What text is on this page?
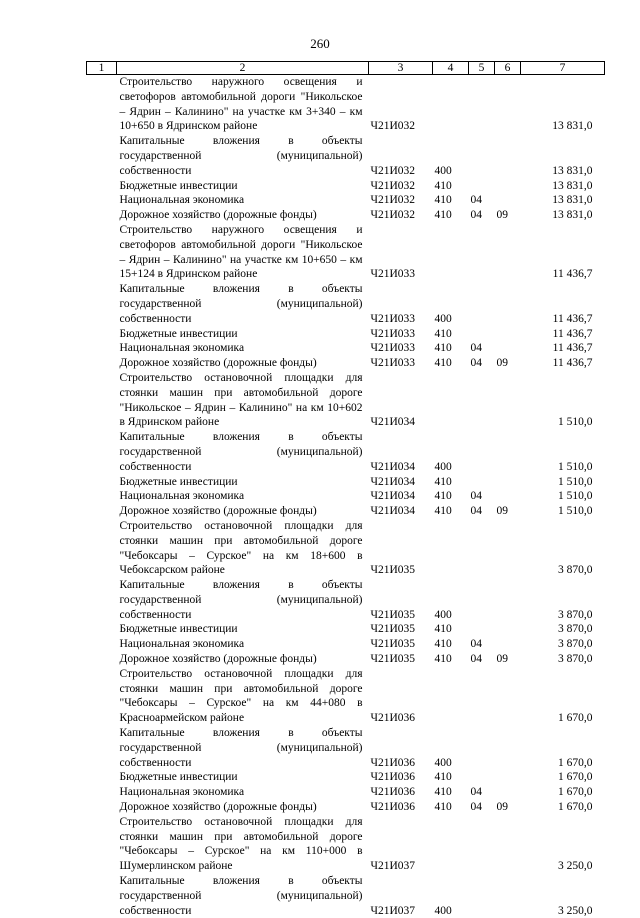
260
1	2	3	4	5	6	7
	Строительство наружного освещения и светофоров автомобильной дороги "Никольское – Ядрин – Калинино" на участке км 3+340 – км 10+650 в Ядринском районе	Ч21И032				13 831,0
	Капитальные вложения в объекты государственной (муниципальной) собственности	Ч21И032	400			13 831,0
	Бюджетные инвестиции	Ч21И032	410			13 831,0
	Национальная экономика	Ч21И032	410	04		13 831,0
	Дорожное хозяйство (дорожные фонды)	Ч21И032	410	04	09	13 831,0
	Строительство наружного освещения и светофоров автомобильной дороги "Никольское – Ядрин – Калинино" на участке км 10+650 – км 15+124 в Ядринском районе	Ч21И033				11 436,7
	Капитальные вложения в объекты государственной (муниципальной) собственности	Ч21И033	400			11 436,7
	Бюджетные инвестиции	Ч21И033	410			11 436,7
	Национальная экономика	Ч21И033	410	04		11 436,7
	Дорожное хозяйство (дорожные фонды)	Ч21И033	410	04	09	11 436,7
	Строительство остановочной площадки для стоянки машин при автомобильной дороге "Никольское – Ядрин – Калинино" на км 10+602 в Ядринском районе	Ч21И034				1 510,0
	Капитальные вложения в объекты государственной (муниципальной) собственности	Ч21И034	400			1 510,0
	Бюджетные инвестиции	Ч21И034	410			1 510,0
	Национальная экономика	Ч21И034	410	04		1 510,0
	Дорожное хозяйство (дорожные фонды)	Ч21И034	410	04	09	1 510,0
	Строительство остановочной площадки для стоянки машин при автомобильной дороге "Чебоксары – Сурское" на км 18+600 в Чебоксарском районе	Ч21И035				3 870,0
	Капитальные вложения в объекты государственной (муниципальной) собственности	Ч21И035	400			3 870,0
	Бюджетные инвестиции	Ч21И035	410			3 870,0
	Национальная экономика	Ч21И035	410	04		3 870,0
	Дорожное хозяйство (дорожные фонды)	Ч21И035	410	04	09	3 870,0
	Строительство остановочной площадки для стоянки машин при автомобильной дороге "Чебоксары – Сурское" на км 44+080 в Красноармейском районе	Ч21И036				1 670,0
	Капитальные вложения в объекты государственной (муниципальной) собственности	Ч21И036	400			1 670,0
	Бюджетные инвестиции	Ч21И036	410			1 670,0
	Национальная экономика	Ч21И036	410	04		1 670,0
	Дорожное хозяйство (дорожные фонды)	Ч21И036	410	04	09	1 670,0
	Строительство остановочной площадки для стоянки машин при автомобильной дороге "Чебоксары – Сурское" на км 110+000 в Шумерлинском районе	Ч21И037				3 250,0
	Капитальные вложения в объекты государственной (муниципальной) собственности	Ч21И037	400			3 250,0
